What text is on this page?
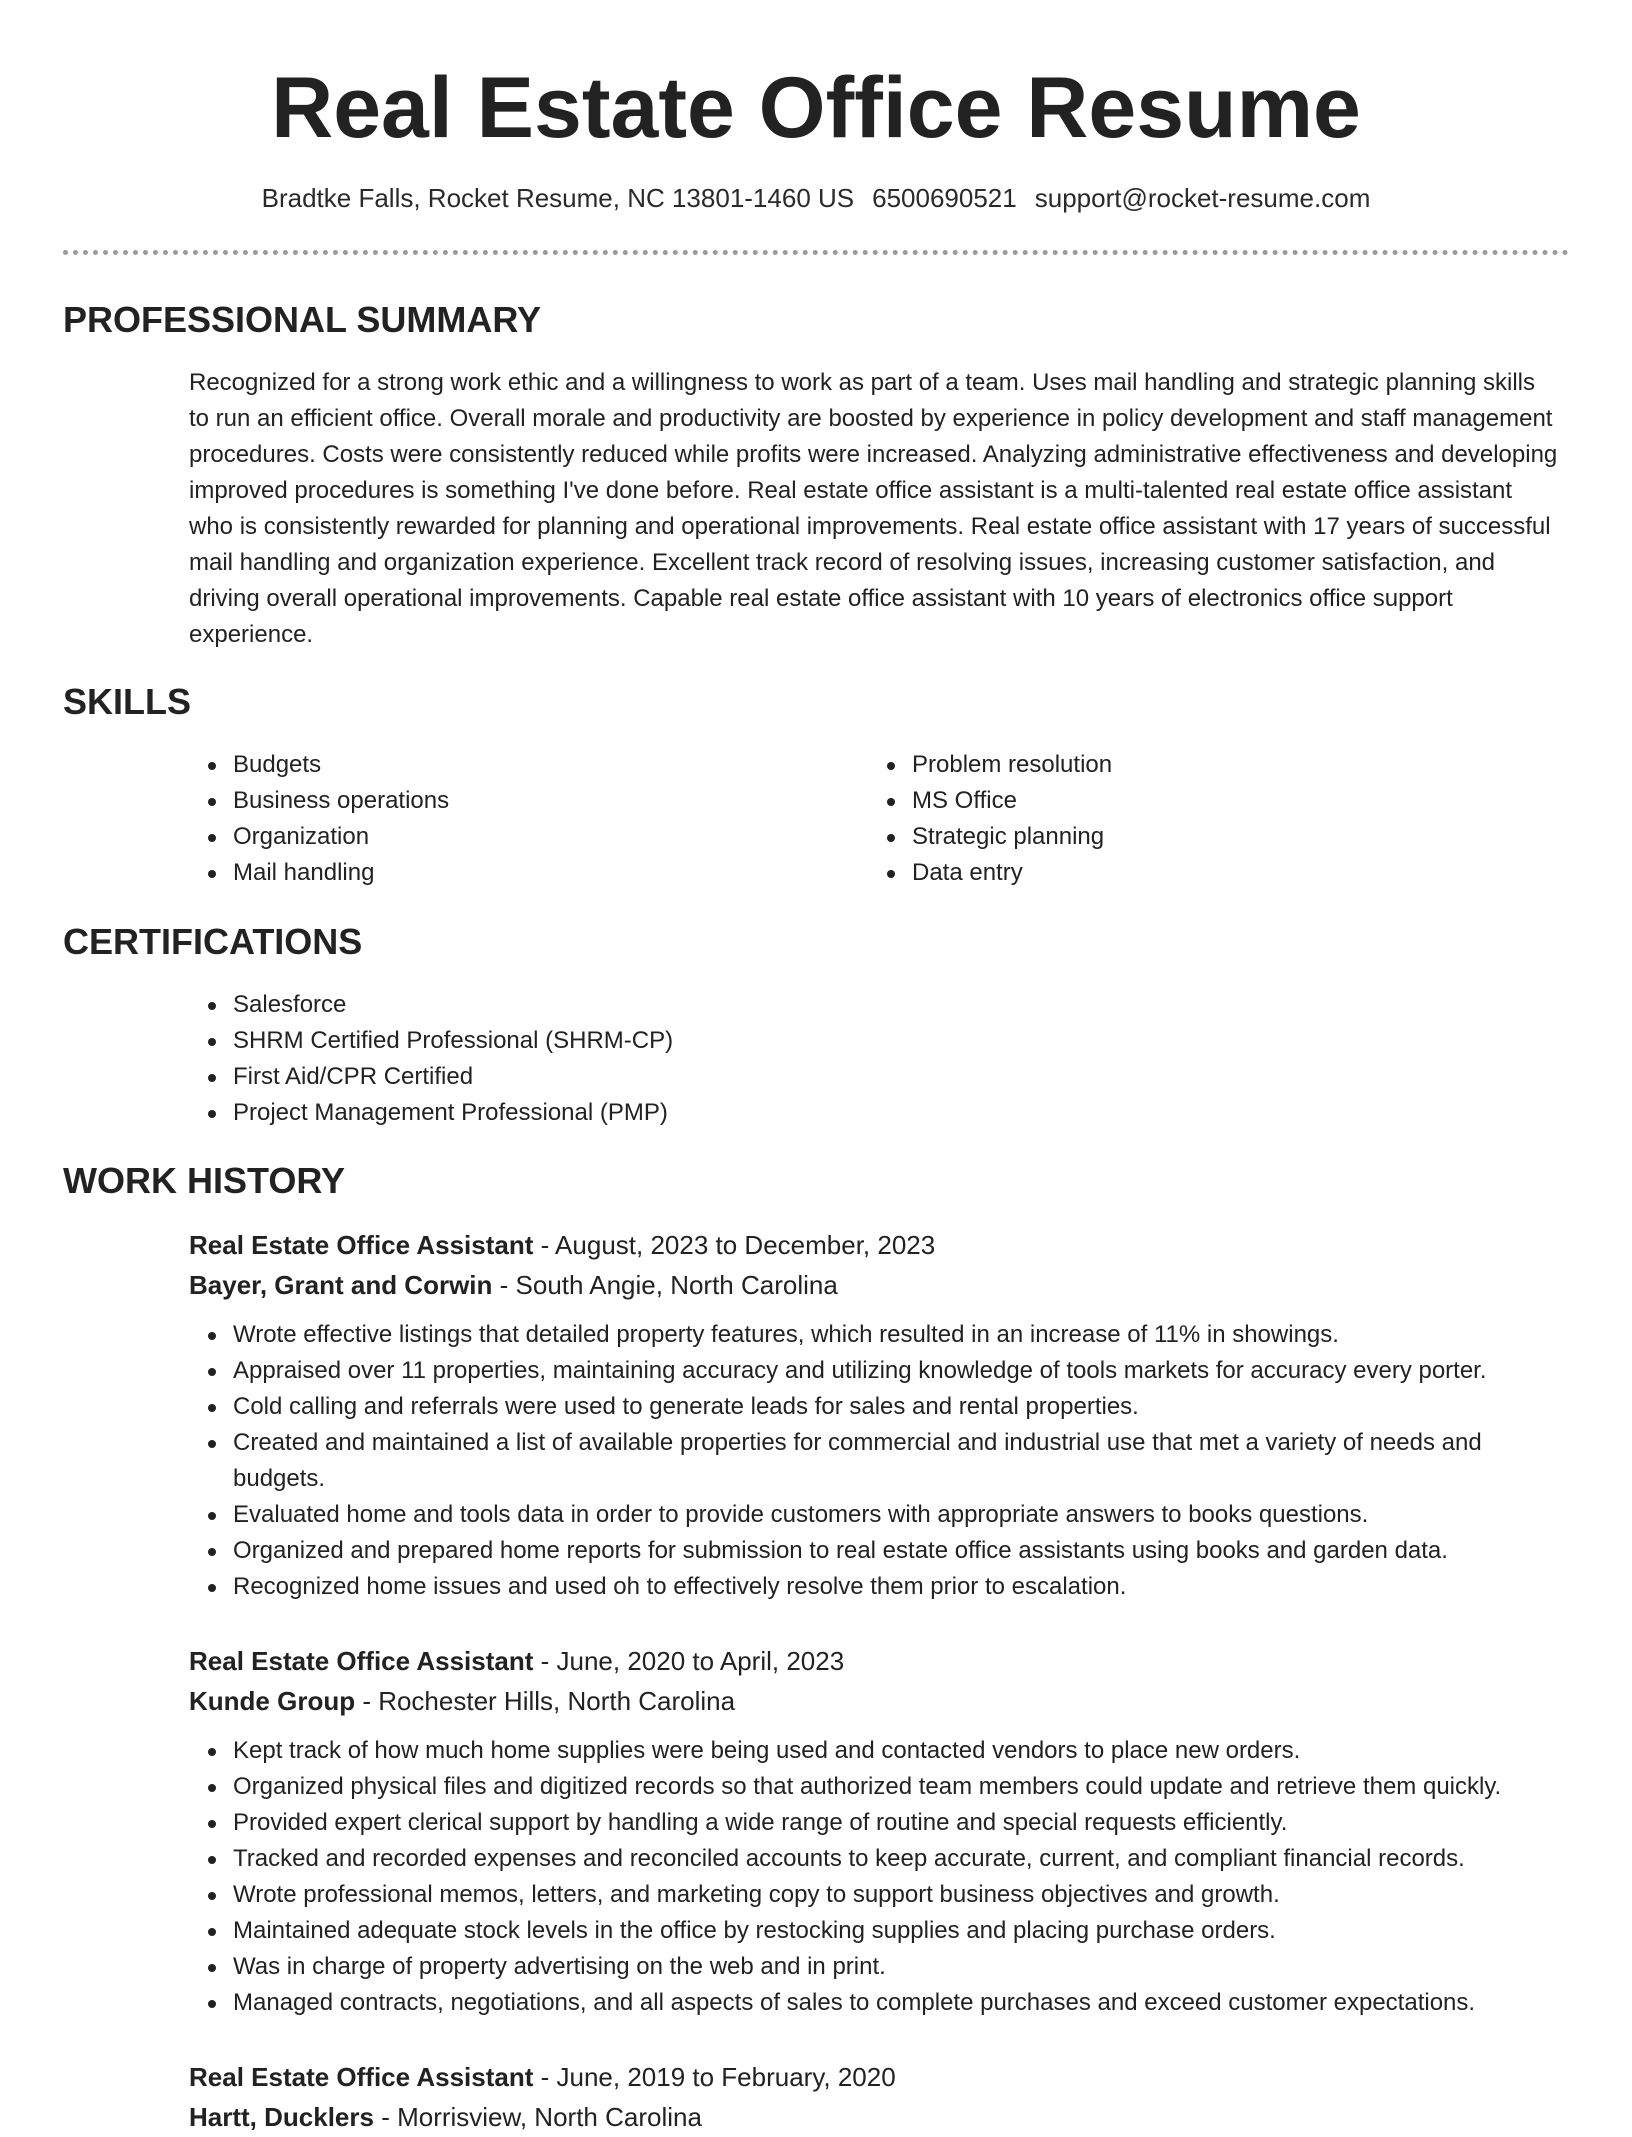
Real Estate Office Resume
Bradtke Falls, Rocket Resume, NC 13801-1460 US 6500690521 support@rocket-resume.com
PROFESSIONAL SUMMARY

Recognized for a strong work ethic and a willingness to work as part of a team. Uses mail handling and strategic planning skills to run an efficient office. Overall morale and productivity are boosted by experience in policy development and staff management procedures. Costs were consistently reduced while profits were increased. Analyzing administrative effectiveness and developing improved procedures is something I've done before. Real estate office assistant is a multi-talented real estate office assistant who is consistently rewarded for planning and operational improvements. Real estate office assistant with 17 years of successful mail handling and organization experience. Excellent track record of resolving issues, increasing customer satisfaction, and driving overall operational improvements. Capable real estate office assistant with 10 years of electronics office support experience.

SKILLS
Budgets
Business operations
Organization
Mail handling
Problem resolution
MS Office
Strategic planning
Data entry
CERTIFICATIONS
Salesforce
SHRM Certified Professional (SHRM-CP)
First Aid/CPR Certified
Project Management Professional (PMP)
WORK HISTORY
Real Estate Office Assistant - August, 2023 to December, 2023
Bayer, Grant and Corwin - South Angie, North Carolina
Wrote effective listings that detailed property features, which resulted in an increase of 11% in showings.
Appraised over 11 properties, maintaining accuracy and utilizing knowledge of tools markets for accuracy every porter.
Cold calling and referrals were used to generate leads for sales and rental properties.
Created and maintained a list of available properties for commercial and industrial use that met a variety of needs and budgets.
Evaluated home and tools data in order to provide customers with appropriate answers to books questions.
Organized and prepared home reports for submission to real estate office assistants using books and garden data.
Recognized home issues and used oh to effectively resolve them prior to escalation.
Real Estate Office Assistant - June, 2020 to April, 2023
Kunde Group - Rochester Hills, North Carolina
Kept track of how much home supplies were being used and contacted vendors to place new orders.
Organized physical files and digitized records so that authorized team members could update and retrieve them quickly.
Provided expert clerical support by handling a wide range of routine and special requests efficiently.
Tracked and recorded expenses and reconciled accounts to keep accurate, current, and compliant financial records.
Wrote professional memos, letters, and marketing copy to support business objectives and growth.
Maintained adequate stock levels in the office by restocking supplies and placing purchase orders.
Was in charge of property advertising on the web and in print.
Managed contracts, negotiations, and all aspects of sales to complete purchases and exceed customer expectations.
Real Estate Office Assistant - June, 2019 to February, 2020
Hartt, Ducklers - Morrisview, North Carolina
